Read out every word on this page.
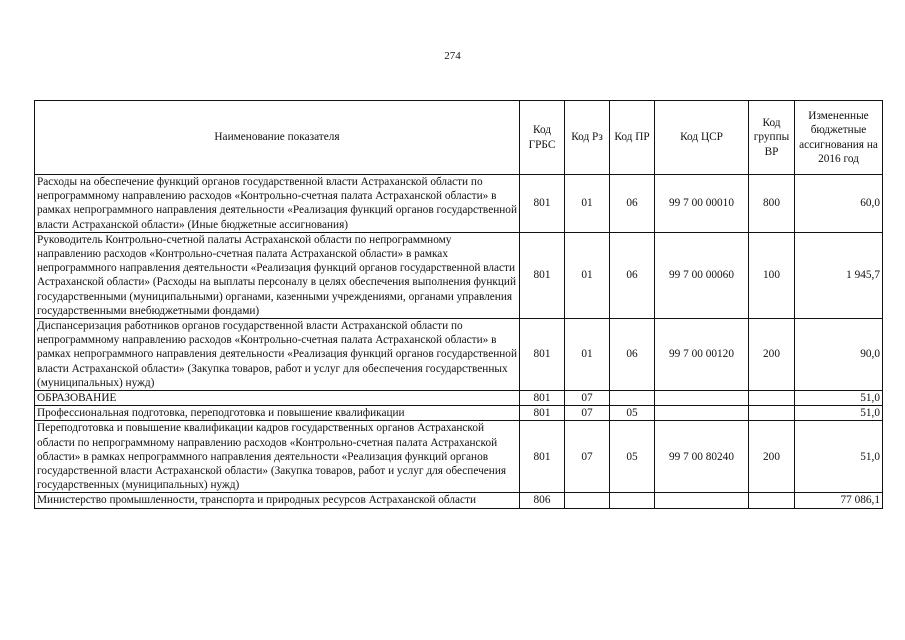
274
Наименование показателя	Код ГРБС	Код Рз	Код ПР	Код ЦСР	Код группы ВР	Измененные бюджетные ассигнования на 2016 год
Расходы на обеспечение функций органов государственной власти Астраханской области по непрограммному направлению расходов «Контрольно-счетная палата Астраханской области» в рамках непрограммного направления деятельности «Реализация функций органов государственной власти Астраханской области» (Иные бюджетные ассигнования)	801	01	06	99 7 00 00010	800	60,0
Руководитель Контрольно-счетной палаты Астраханской области по непрограммному направлению расходов «Контрольно-счетная палата Астраханской области» в рамках непрограммного направления деятельности «Реализация функций органов государственной власти Астраханской области» (Расходы на выплаты персоналу в целях обеспечения выполнения функций государственными (муниципальными) органами, казенными учреждениями, органами управления государственными внебюджетными фондами)	801	01	06	99 7 00 00060	100	1 945,7
Диспансеризация работников органов государственной власти Астраханской области по непрограммному направлению расходов «Контрольно-счетная палата Астраханской области» в рамках непрограммного направления деятельности «Реализация функций органов государственной власти Астраханской области» (Закупка товаров, работ и услуг для обеспечения государственных (муниципальных) нужд)	801	01	06	99 7 00 00120	200	90,0
ОБРАЗОВАНИЕ	801	07				51,0
Профессиональная подготовка, переподготовка и повышение квалификации	801	07	05			51,0
Переподготовка и повышение квалификации кадров государственных органов Астраханской области по непрограммному направлению расходов «Контрольно-счетная палата Астраханской области» в рамках непрограммного направления деятельности «Реализация функций органов государственной власти Астраханской области» (Закупка товаров, работ и услуг для обеспечения государственных (муниципальных) нужд)	801	07	05	99 7 00 80240	200	51,0
Министерство промышленности, транспорта и природных ресурсов Астраханской области	806					77 086,1
